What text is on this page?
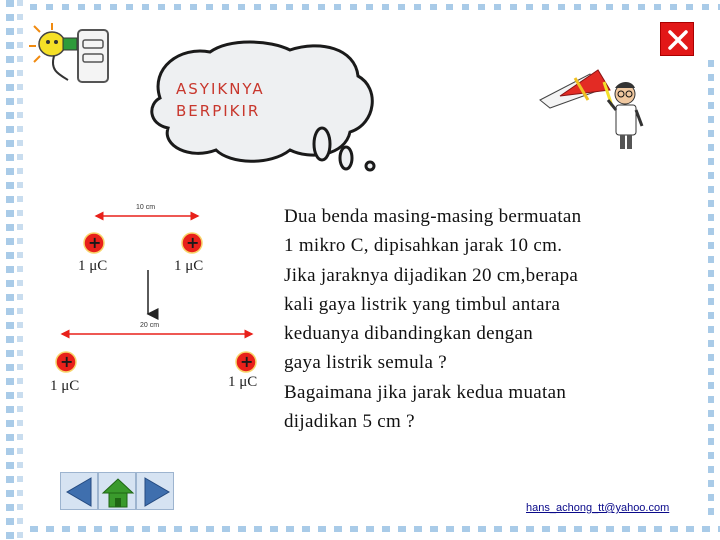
ASYIKNYA
BERPIKIR
+	+
+	+
10 cm
20 cm
1 μC	1 μC
1 μC	1 μC
Dua benda masing-masing bermuatan
1 mikro C, dipisahkan jarak 10 cm.
Jika jaraknya dijadikan 20 cm,berapa
kali gaya listrik yang timbul antara
keduanya dibandingkan dengan
gaya listrik semula ?
Bagaimana jika jarak kedua muatan
dijadikan 5 cm ?
hans_achong_tt@yahoo.com
